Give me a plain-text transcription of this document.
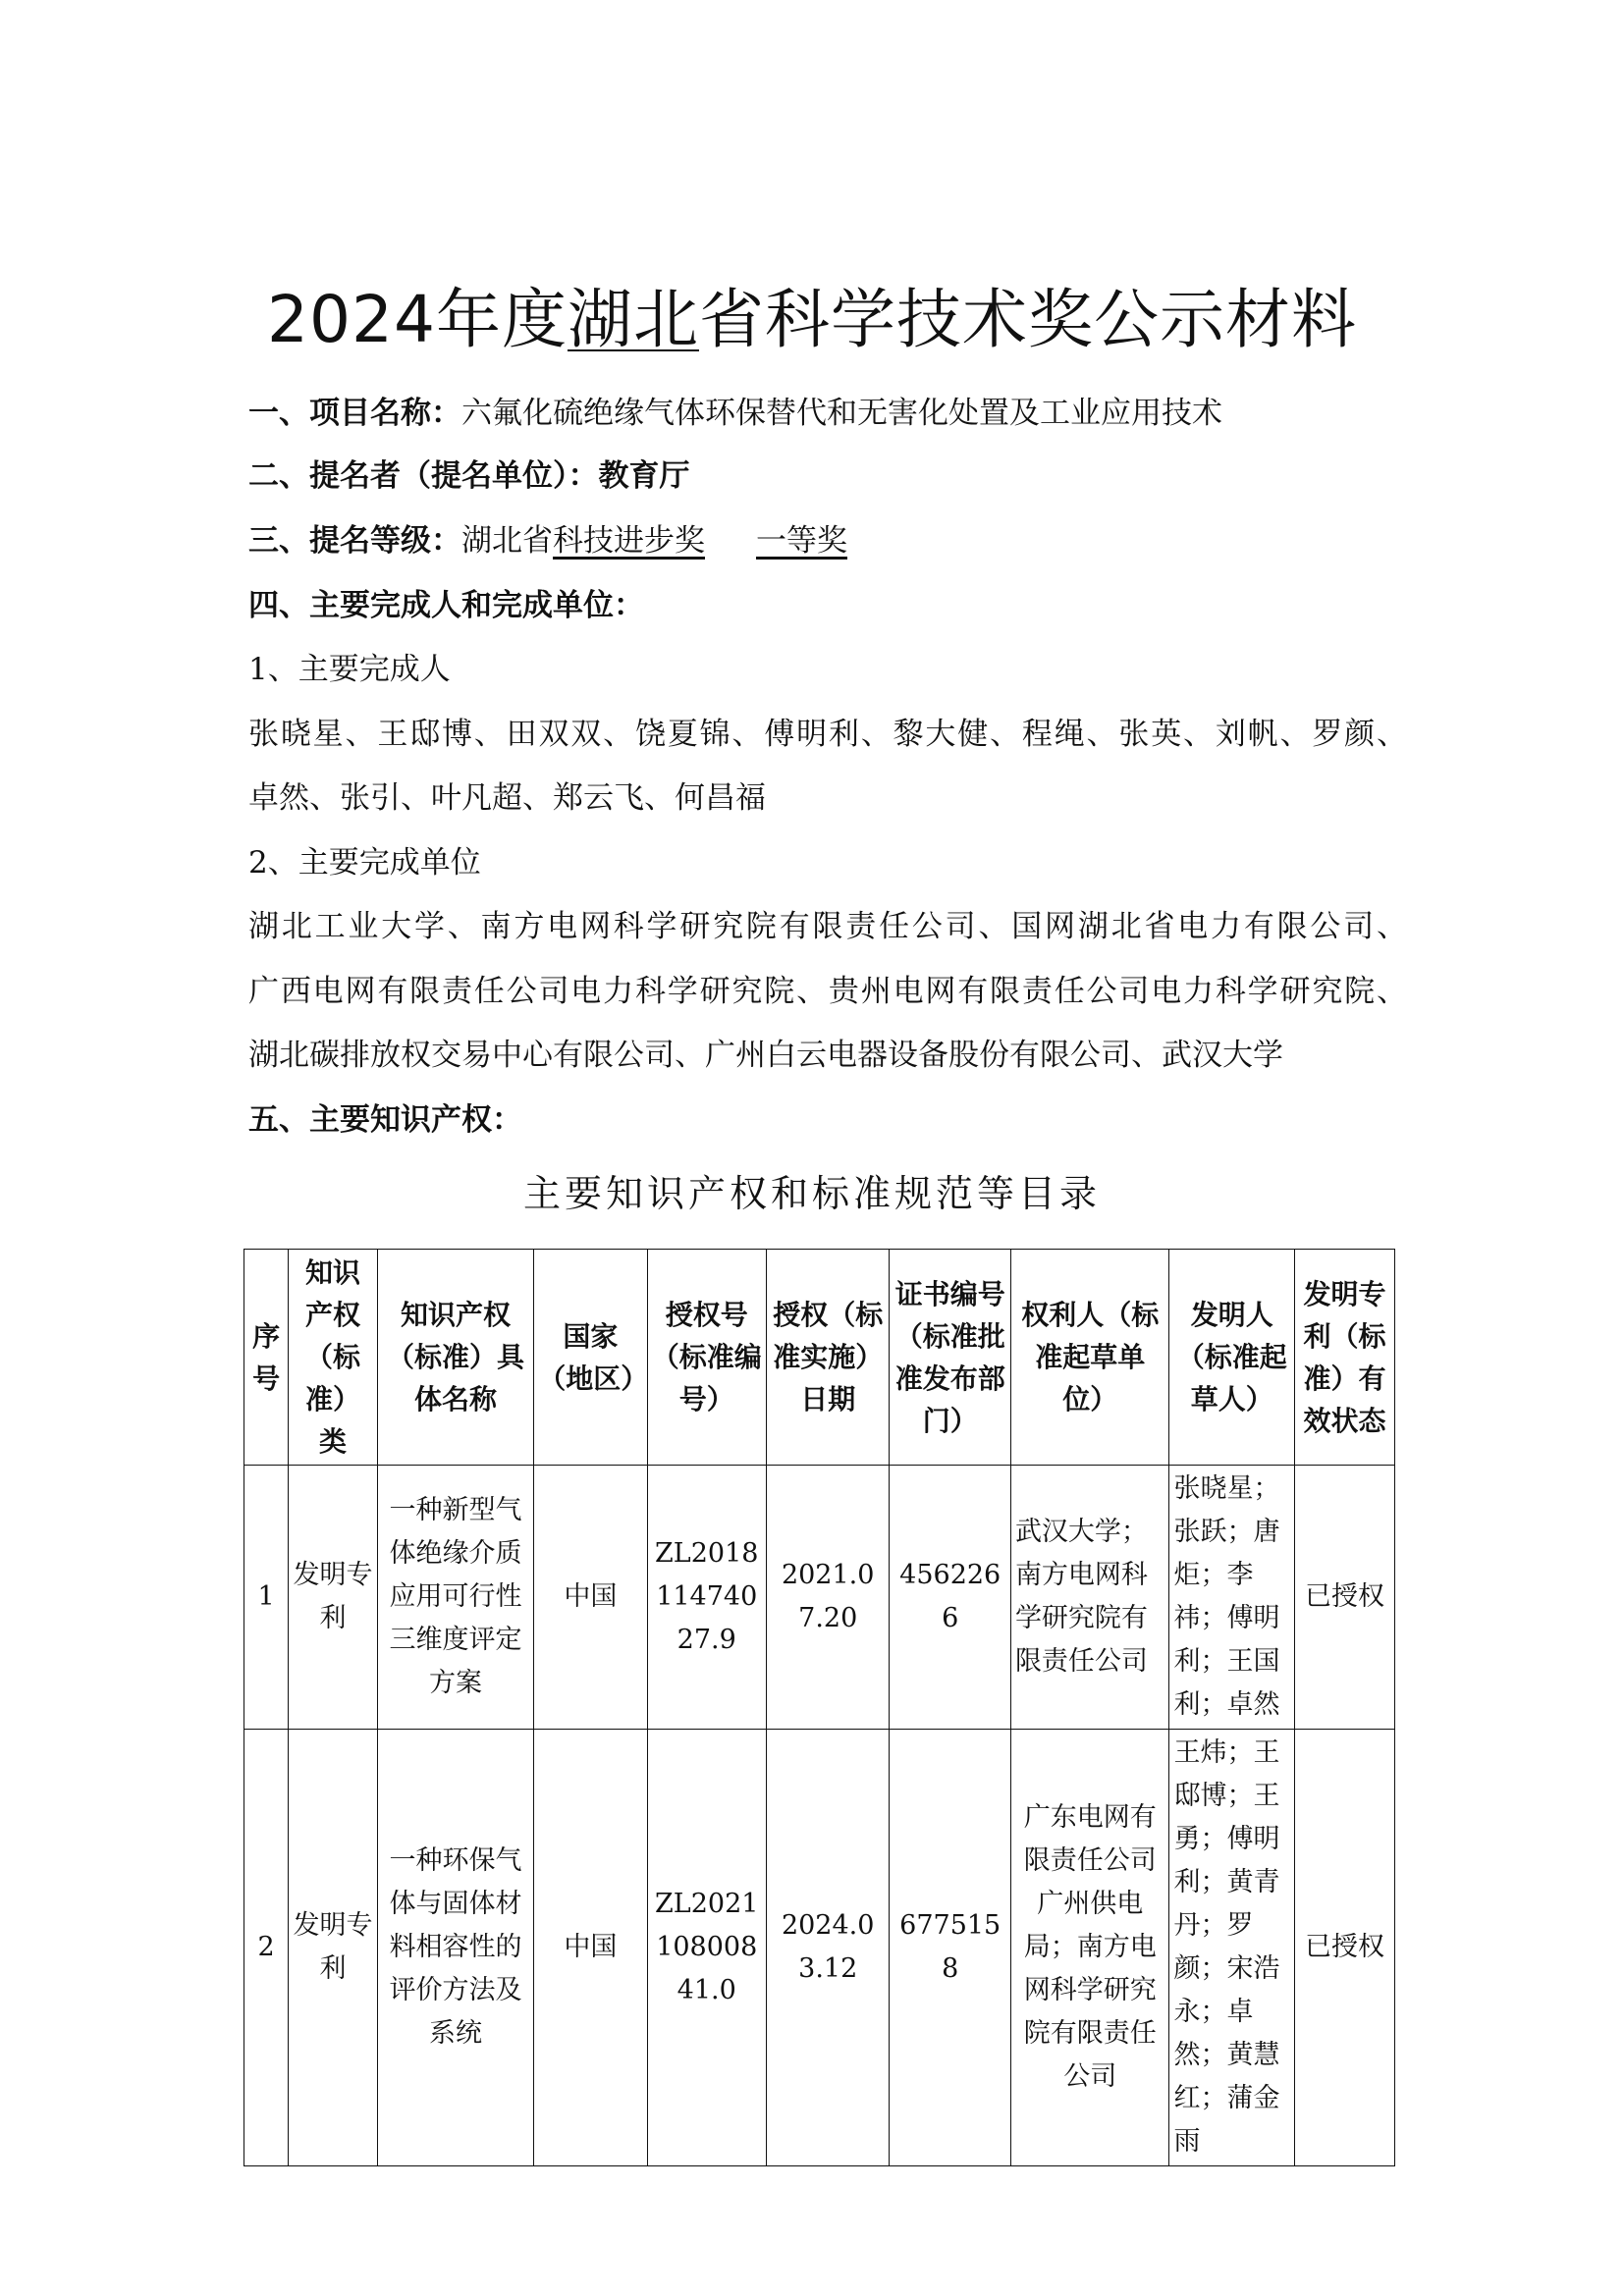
2024年度湖北省科学技术奖公示材料
一、项目名称：六氟化硫绝缘气体环保替代和无害化处置及工业应用技术
二、提名者（提名单位）：教育厅
三、提名等级：湖北省科技进步奖 一等奖
四、主要完成人和完成单位：
1、主要完成人
张晓星、王邸博、田双双、饶夏锦、傅明利、黎大健、程绳、张英、刘帆、罗颜、
卓然、张引、叶凡超、郑云飞、何昌福
2、主要完成单位
湖北工业大学、南方电网科学研究院有限责任公司、国网湖北省电力有限公司、
广西电网有限责任公司电力科学研究院、贵州电网有限责任公司电力科学研究院、
湖北碳排放权交易中心有限公司、广州白云电器设备股份有限公司、武汉大学
五、主要知识产权：
主要知识产权和标准规范等目录
序号	知识产权（标准）类	知识产权（标准）具体名称	国家（地区）	授权号（标准编号）	授权（标准实施）日期	证书编号（标准批准发布部门）	权利人（标准起草单位）	发明人（标准起草人）	发明专利（标准）有效状态
1	发明专利	一种新型气体绝缘介质应用可行性三维度评定方案	中国	ZL201811474027.9	2021.07.20	4562266	武汉大学；南方电网科学研究院有限责任公司	张晓星；张跃；唐炬；李祎；傅明利；王国利；卓然	已授权
2	发明专利	一种环保气体与固体材料相容性的评价方法及系统	中国	ZL202110800841.0	2024.03.12	6775158	广东电网有限责任公司广州供电局；南方电网科学研究院有限责任公司	王炜；王邸博；王勇；傅明利；黄青丹；罗颜；宋浩永；卓然；黄慧红；蒲金雨	已授权
